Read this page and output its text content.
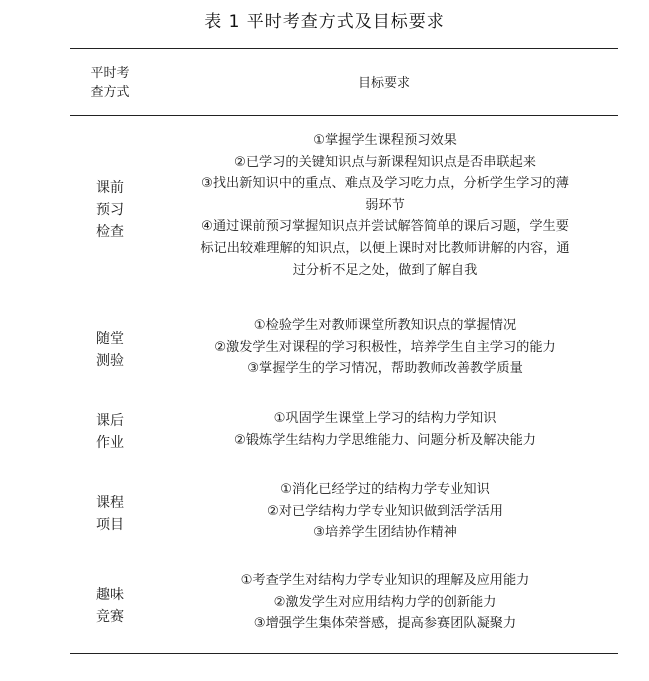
表 1 平时考查方式及目标要求
平时考
查方式
目标要求
课前
预习
检查
①掌握学生课程预习效果
②已学习的关键知识点与新课程知识点是否串联起来
③找出新知识中的重点、难点及学习吃力点，分析学生学习的薄
弱环节
④通过课前预习掌握知识点并尝试解答简单的课后习题，学生要
标记出较难理解的知识点，以便上课时对比教师讲解的内容，通
过分析不足之处，做到了解自我
随堂
测验
①检验学生对教师课堂所教知识点的掌握情况
②激发学生对课程的学习积极性，培养学生自主学习的能力
③掌握学生的学习情况，帮助教师改善教学质量
课后
作业
①巩固学生课堂上学习的结构力学知识
②锻炼学生结构力学思维能力、问题分析及解决能力
课程
项目
①消化已经学过的结构力学专业知识
②对已学结构力学专业知识做到活学活用
③培养学生团结协作精神
趣味
竞赛
①考查学生对结构力学专业知识的理解及应用能力
②激发学生对应用结构力学的创新能力
③增强学生集体荣誉感，提高参赛团队凝聚力
